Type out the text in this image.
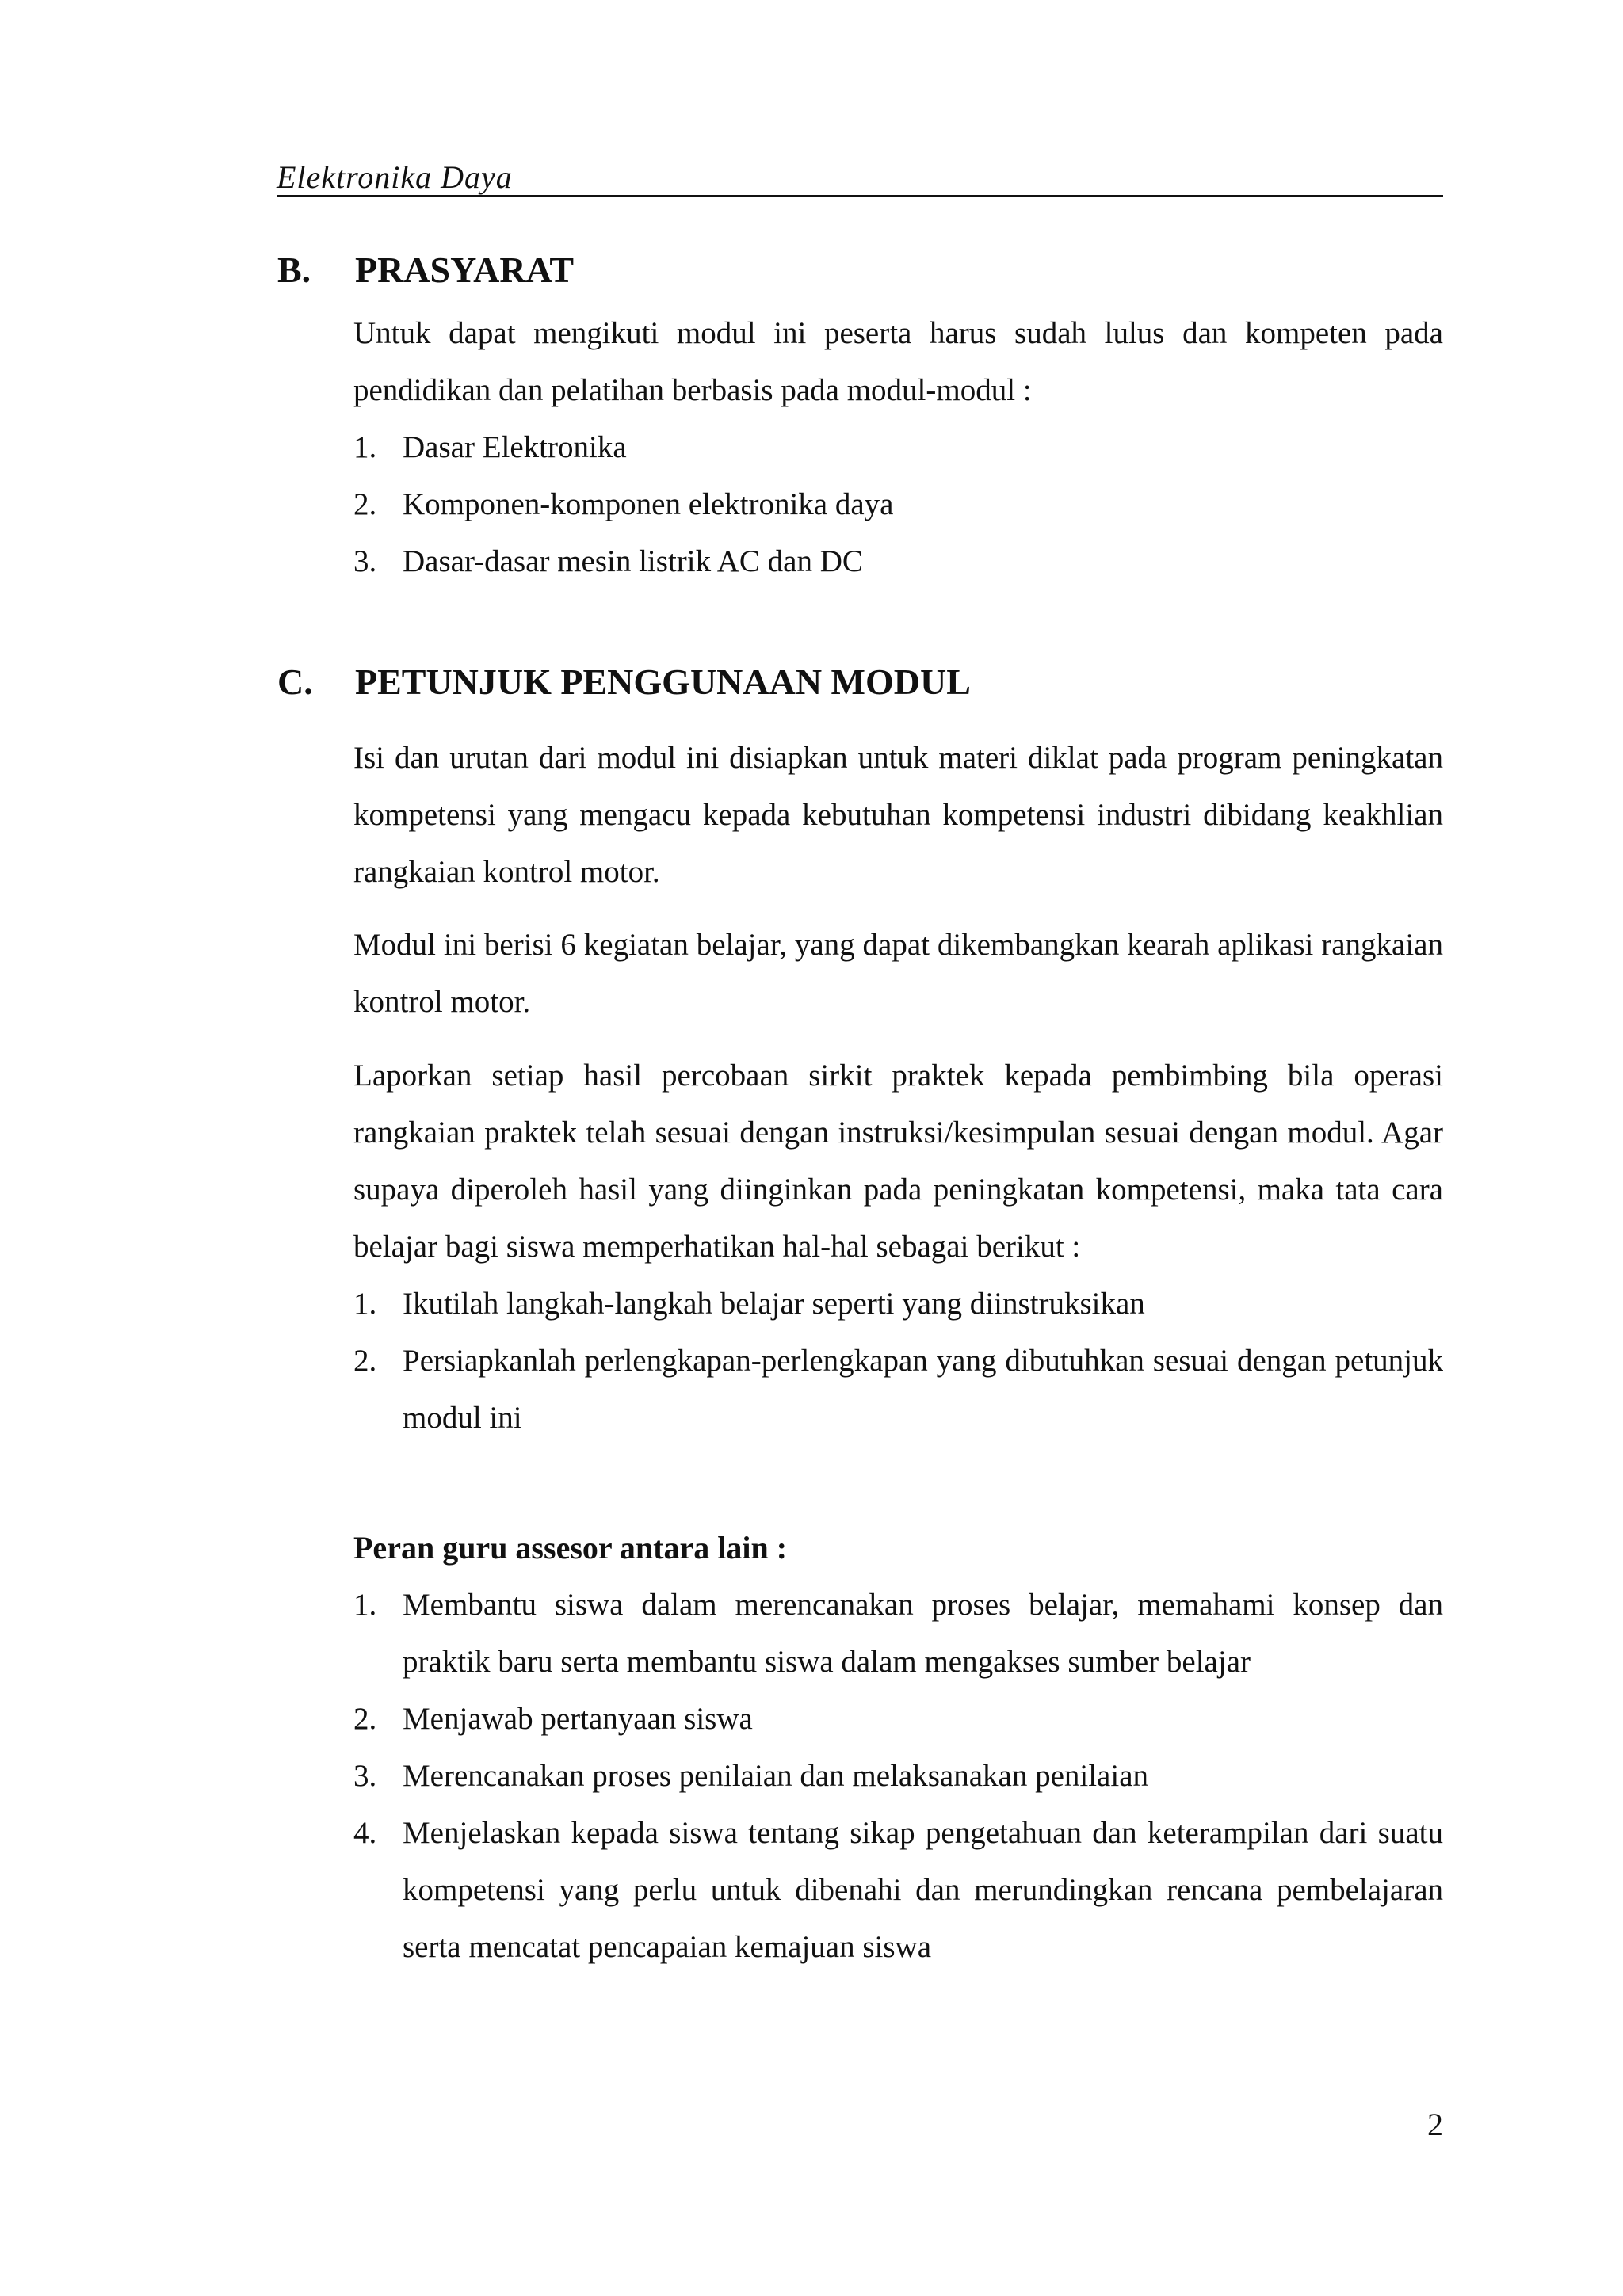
Elektronika Daya
B. PRASYARAT
Untuk dapat mengikuti modul ini peserta harus sudah lulus dan kompeten pada pendidikan dan pelatihan berbasis pada modul-modul :
1. Dasar Elektronika
2. Komponen-komponen elektronika daya
3. Dasar-dasar mesin listrik AC dan DC
C. PETUNJUK PENGGUNAAN MODUL
Isi dan urutan dari modul ini disiapkan untuk materi diklat pada program peningkatan kompetensi yang mengacu kepada kebutuhan kompetensi industri dibidang keakhlian rangkaian kontrol motor.
Modul ini berisi 6 kegiatan belajar, yang dapat dikembangkan kearah aplikasi rangkaian kontrol motor.
Laporkan setiap hasil percobaan sirkit praktek kepada pembimbing bila operasi rangkaian praktek telah sesuai dengan instruksi/kesimpulan sesuai dengan modul. Agar supaya diperoleh hasil yang diinginkan pada peningkatan kompetensi, maka tata cara belajar bagi siswa memperhatikan hal-hal sebagai berikut :
1. Ikutilah langkah-langkah belajar seperti yang diinstruksikan
2. Persiapkanlah perlengkapan-perlengkapan yang dibutuhkan sesuai dengan petunjuk modul ini
Peran guru assesor antara lain :
1. Membantu siswa dalam merencanakan proses belajar, memahami konsep dan praktik baru serta membantu siswa dalam mengakses sumber belajar
2. Menjawab pertanyaan siswa
3. Merencanakan proses penilaian dan melaksanakan penilaian
4. Menjelaskan kepada siswa tentang sikap pengetahuan dan keterampilan dari suatu kompetensi yang perlu untuk dibenahi dan merundingkan rencana pembelajaran serta mencatat pencapaian kemajuan siswa
2
